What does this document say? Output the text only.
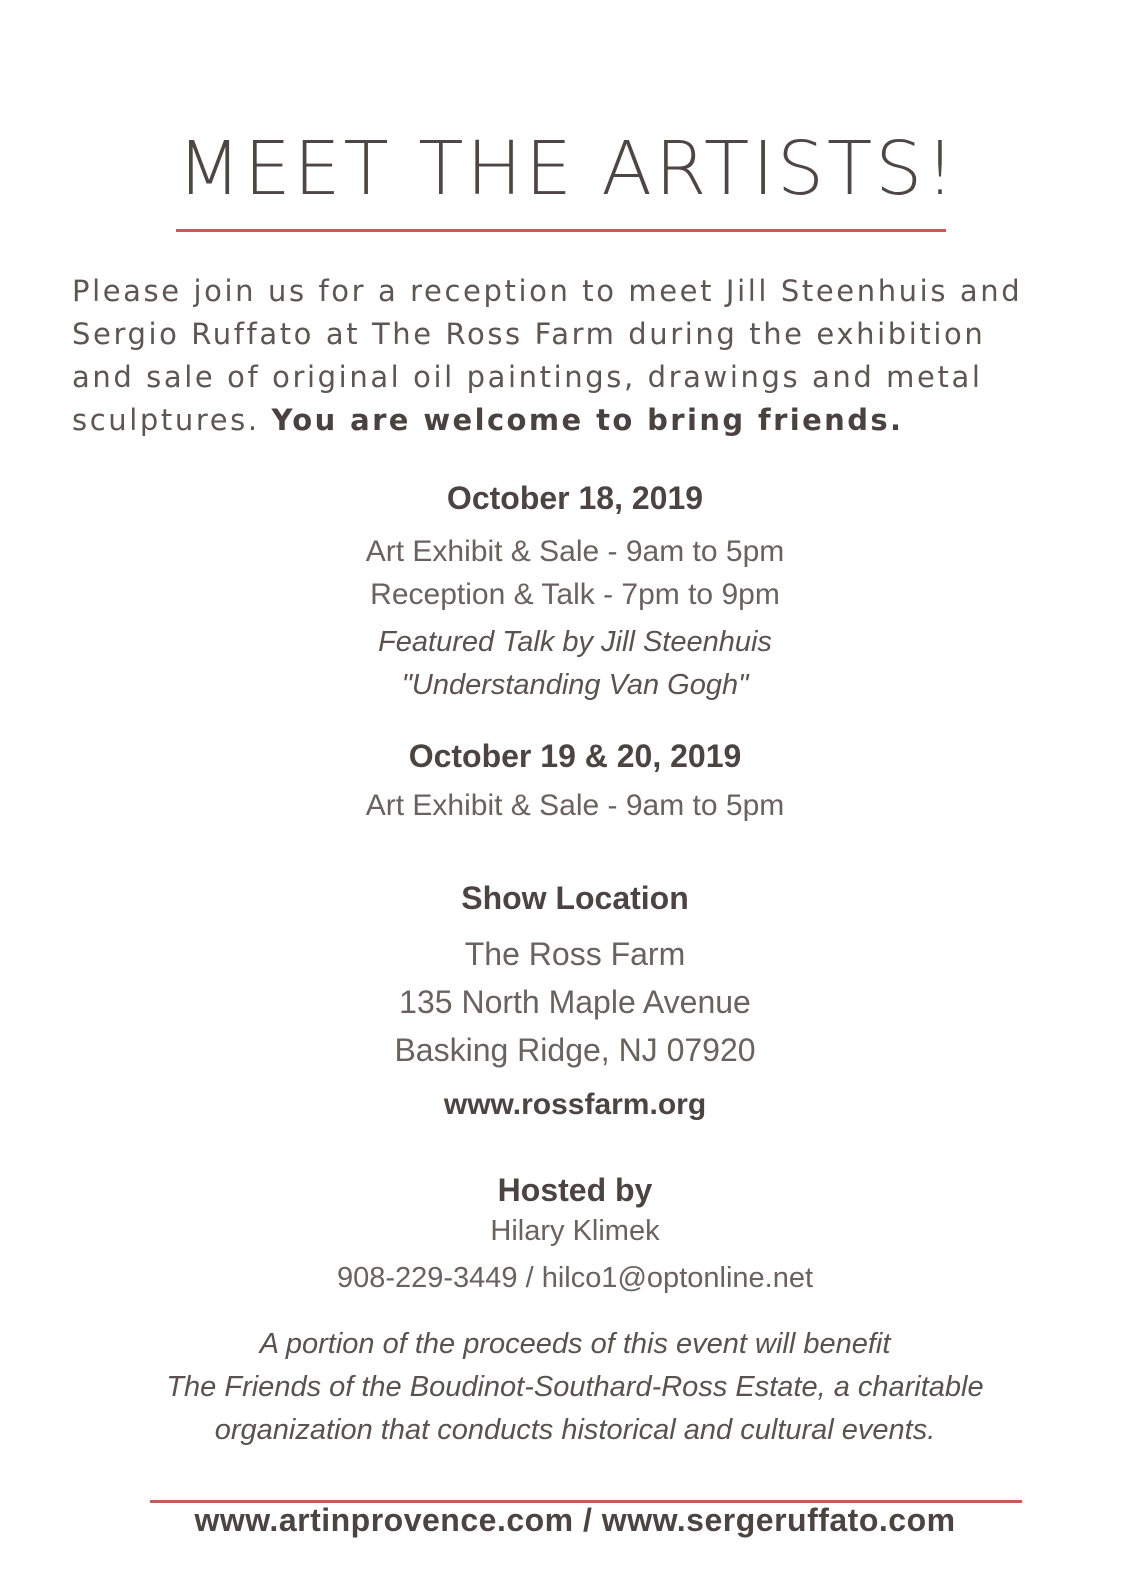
MEET THE ARTISTS!
Please join us for a reception to meet Jill Steenhuis and
Sergio Ruffato at The Ross Farm during the exhibition
and sale of original oil paintings, drawings and metal
sculptures. You are welcome to bring friends.
October 18, 2019
Art Exhibit & Sale - 9am to 5pm
Reception & Talk - 7pm to 9pm
Featured Talk by Jill Steenhuis
"Understanding Van Gogh"
October 19 & 20, 2019
Art Exhibit & Sale - 9am to 5pm
Show Location
The Ross Farm
135 North Maple Avenue
Basking Ridge, NJ 07920
www.rossfarm.org
Hosted by
Hilary Klimek
908-229-3449 / hilco1@optonline.net
A portion of the proceeds of this event will benefit
The Friends of the Boudinot-Southard-Ross Estate, a charitable
organization that conducts historical and cultural events.
www.artinprovence.com / www.sergeruffato.com
